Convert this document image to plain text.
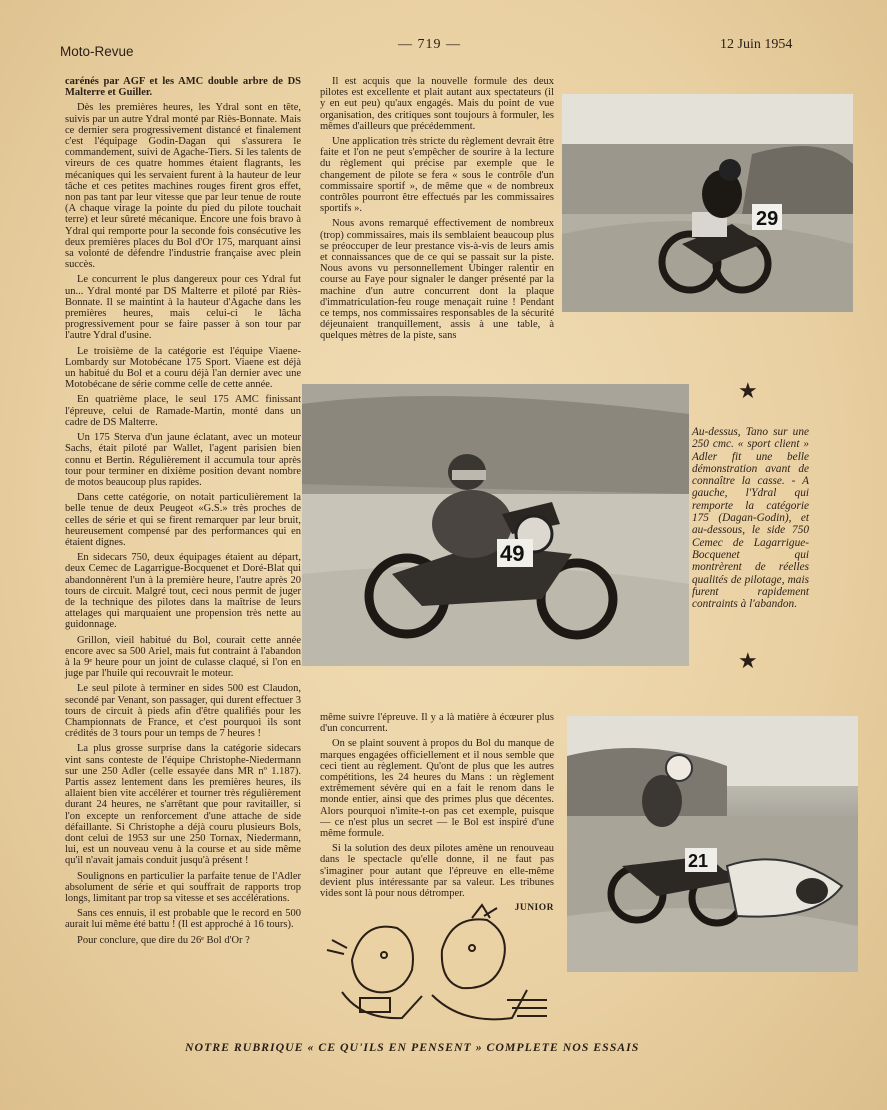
Moto-Revue	— 719 —	12 Juin 1954

carénés par AGF et les AMC double arbre de DS Malterre et Guiller.

Dès les premières heures, les Ydral sont en tête, suivis par un autre Ydral monté par Riès-Bonnate. Mais ce dernier sera progressivement distancé et finalement c'est l'équipage Godin-Dagan qui s'assurera le commandement, suivi de Agache-Tiers. Si les talents de vireurs de ces quatre hommes étaient flagrants, les mécaniques qui les servaient furent à la hauteur de leur tâche et ces petites machines rouges firent gros effet, non pas tant par leur vitesse que par leur tenue de route (A chaque virage la pointe du pied du pilote touchait terre) et leur sûreté mécanique. Encore une fois bravo à Ydral qui remporte pour la seconde fois consécutive les deux premières places du Bol d'Or 175, marquant ainsi sa volonté de défendre l'industrie française avec plein succès.

Le concurrent le plus dangereux pour ces Ydral fut un... Ydral monté par DS Malterre et piloté par Riès-Bonnate. Il se maintint à la hauteur d'Agache dans les premières heures, mais celui-ci le lâcha progressivement pour se faire passer à son tour par l'autre Ydral d'usine.

Le troisième de la catégorie est l'équipe Viaene-Lombardy sur Motobécane 175 Sport. Viaene est déjà un habitué du Bol et a couru déjà l'an dernier avec une Motobécane de série comme celle de cette année.

En quatrième place, le seul 175 AMC finissant l'épreuve, celui de Ramade-Martin, monté dans un cadre de DS Malterre.

Un 175 Sterva d'un jaune éclatant, avec un moteur Sachs, était piloté par Wallet, l'agent parisien bien connu et Bertin. Régulièrement il accumula tour après tour pour terminer en dixième position devant nombre de motos beaucoup plus rapides.

Dans cette catégorie, on notait particulièrement la belle tenue de deux Peugeot «G.S.» très proches de celles de série et qui se firent remarquer par leur bruit, heureusement compensé par des performances qui en étaient dignes.

En sidecars 750, deux équipages étaient au départ, deux Cemec de Lagarrigue-Bocquenet et Doré-Blat qui abandonnèrent l'un à la première heure, l'autre après 20 tours de circuit. Malgré tout, ceci nous permit de juger de la technique des pilotes dans la maîtrise de leurs attelages qui marquaient une propension très nette au guidonnage.

Grillon, vieil habitué du Bol, courait cette année encore avec sa 500 Ariel, mais fut contraint à l'abandon à la 9ᵉ heure pour un joint de culasse claqué, si l'on en juge par l'huile qui recouvrait le moteur.

Le seul pilote à terminer en sides 500 est Claudon, secondé par Venant, son passager, qui durent effectuer 3 tours de circuit à pieds afin d'être qualifiés pour les Championnats de France, et c'est pourquoi ils sont crédités de 3 tours pour un temps de 7 heures !

La plus grosse surprise dans la catégorie sidecars vint sans conteste de l'équipe Christophe-Niedermann sur une 250 Adler (celle essayée dans MR nº 1.187). Partis assez lentement dans les premières heures, ils allaient bien vite accélérer et tourner très régulièrement durant 24 heures, ne s'arrêtant que pour ravitailler, si l'on excepte un renforcement d'une attache de side défaillante. Si Christophe a déjà couru plusieurs Bols, dont celui de 1953 sur une 250 Tornax, Niedermann, lui, est un nouveau venu à la course et au side même qu'il n'avait jamais conduit jusqu'à présent !

Soulignons en particulier la parfaite tenue de l'Adler absolument de série et qui souffrait de rapports trop longs, limitant par trop sa vitesse et ses accélérations.

Sans ces ennuis, il est probable que le record en 500 aurait lui même été battu ! (Il est approché à 16 tours).

Pour conclure, que dire du 26ᵉ Bol d'Or ?

Il est acquis que la nouvelle formule des deux pilotes est excellente et plait autant aux spectateurs (il y en eut peu) qu'aux engagés. Mais du point de vue organisation, des critiques sont toujours à formuler, les mêmes d'ailleurs que précédemment.

Une application très stricte du règlement devrait être faite et l'on ne peut s'empêcher de sourire à la lecture du règlement qui précise par exemple que le changement de pilote se fera « sous le contrôle d'un commissaire sportif », de même que « de nombreux contrôles pourront être effectués par les commissaires sportifs ».

Nous avons remarqué effectivement de nombreux (trop) commissaires, mais ils semblaient beaucoup plus se préoccuper de leur prestance vis-à-vis de leurs amis et connaissances que de ce qui se passait sur la piste. Nous avons vu personnellement Ubinger ralentir en course au Faye pour signaler le danger présenté par la machine d'un autre concurrent dont la plaque d'immatriculation-feu rouge menaçait ruine ! Pendant ce temps, nos commissaires responsables de la sécurité déjeunaient tranquillement, assis à une table, à quelques mètres de la piste, sans

même suivre l'épreuve. Il y a là matière à écœurer plus d'un concurrent.

On se plaint souvent à propos du Bol du manque de marques engagées officiellement et il nous semble que ceci tient au règlement. Qu'ont de plus que les autres compétitions, les 24 heures du Mans : un règlement extrêmement sévère qui en a fait le renom dans le monde entier, ainsi que des primes plus que décentes. Alors pourquoi n'imite-t-on pas cet exemple, puisque — ce n'est plus un secret — le Bol est inspiré d'une même formule.

Si la solution des deux pilotes amène un renouveau dans le spectacle qu'elle donne, il ne faut pas s'imaginer pour autant que l'épreuve en elle-même devient plus intéressante par sa valeur. Les tribunes vides sont là pour nous détromper.

JUNIOR

29
★
★
49
Au-dessus, Tano sur une 250 cmc. « sport client » Adler fit une belle démonstration avant de connaître la casse. - A gauche, l'Ydral qui remporte la catégorie 175 (Dagan-Godin), et au-dessous, le side 750 Cemec de Lagarrigue-Bocquenet qui montrèrent de réelles qualités de pilotage, mais furent rapidement contraints à l'abandon.
21
NOTRE RUBRIQUE « CE QU'ILS EN PENSENT » COMPLETE NOS ESSAIS
